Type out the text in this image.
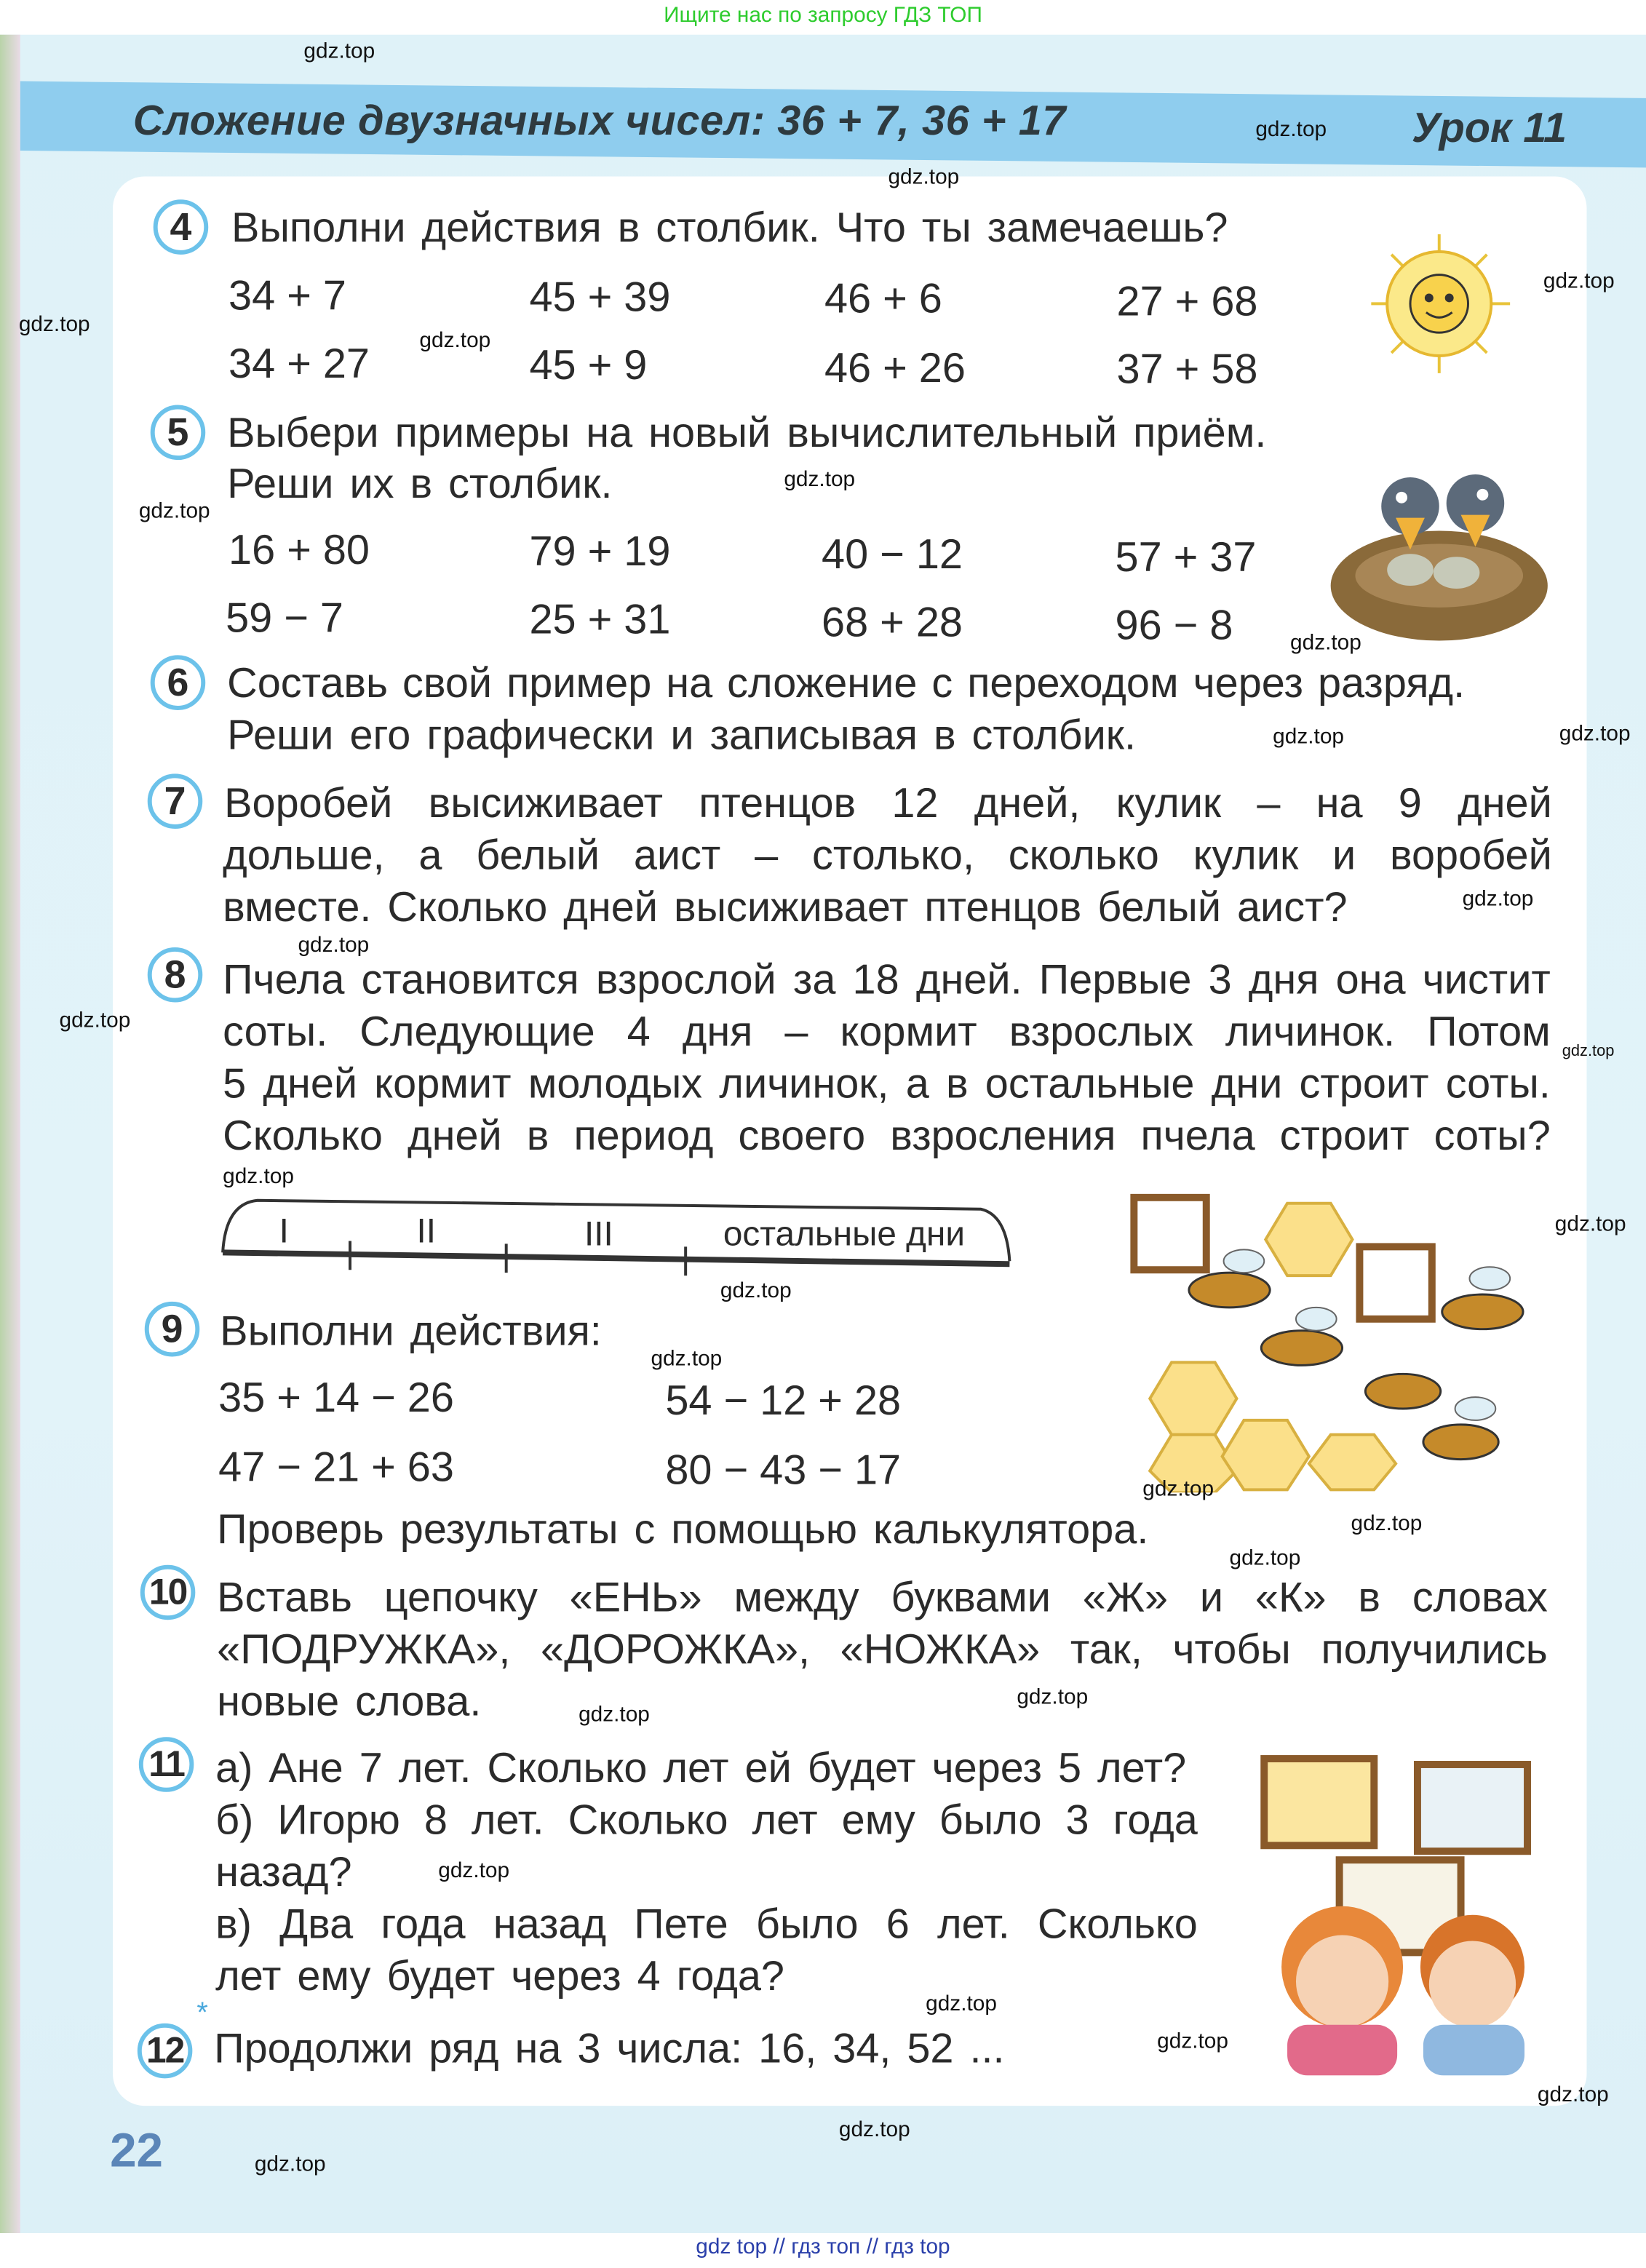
Ищите нас по запросу ГДЗ ТОП
Сложение двузначных чисел: 36 + 7, 36 + 17	Урок 11
4	Выполни действия в столбик. Что ты замечаешь?
34 + 7	45 + 39	46 + 6	27 + 68
34 + 27	45 + 9	46 + 26	37 + 58
5	Выбери примеры на новый вычислительный приём.
Реши их в столбик.
16 + 80	79 + 19	40 − 12	57 + 37
59 − 7	25 + 31	68 + 28	96 − 8
6	Составь свой пример на сложение с переходом через разряд.
Реши его графически и записывая в столбик.
7	Воробей высиживает птенцов 12 дней, кулик – на 9 дней
дольше, а белый аист – столько, сколько кулик и воробей
вместе. Сколько дней высиживает птенцов белый аист?
8	Пчела становится взрослой за 18 дней. Первые 3 дня она чистит
соты. Следующие 4 дня – кормит взрослых личинок. Потом
5 дней кормит молодых личинок, а в остальные дни строит соты.
Сколько дней в период своего взросления пчела строит соты?
I	II	III	остальные дни
9	Выполни действия:
35 + 14 − 26	54 − 12 + 28
47 − 21 + 63	80 − 43 − 17
Проверь результаты с помощью калькулятора.
10	Вставь цепочку «ЕНЬ» между буквами «Ж» и «К» в словах
«ПОДРУЖКА», «ДОРОЖКА», «НОЖКА» так, чтобы получились
новые слова.
11	а) Ане 7 лет. Сколько лет ей будет через 5 лет?
б) Игорю 8 лет. Сколько лет ему было 3 года
назад?
в) Два года назад Пете было 6 лет. Сколько
лет ему будет через 4 года?
*
12	Продолжи ряд на 3 числа: 16, 34, 52 ...
22
gdz top // гдз топ // гдз top
gdz.top
gdz.top
gdz.top
gdz.top
gdz.top
gdz.top
gdz.top
gdz.top
gdz.top
gdz.top
gdz.top
gdz.top
gdz.top
gdz.top
gdz.top
gdz.top
gdz.top
gdz.top
gdz.top
gdz.top
gdz.top
gdz.top
gdz.top
gdz.top
gdz.top
gdz.top
gdz.top
gdz.top
gdz.top
gdz.top
